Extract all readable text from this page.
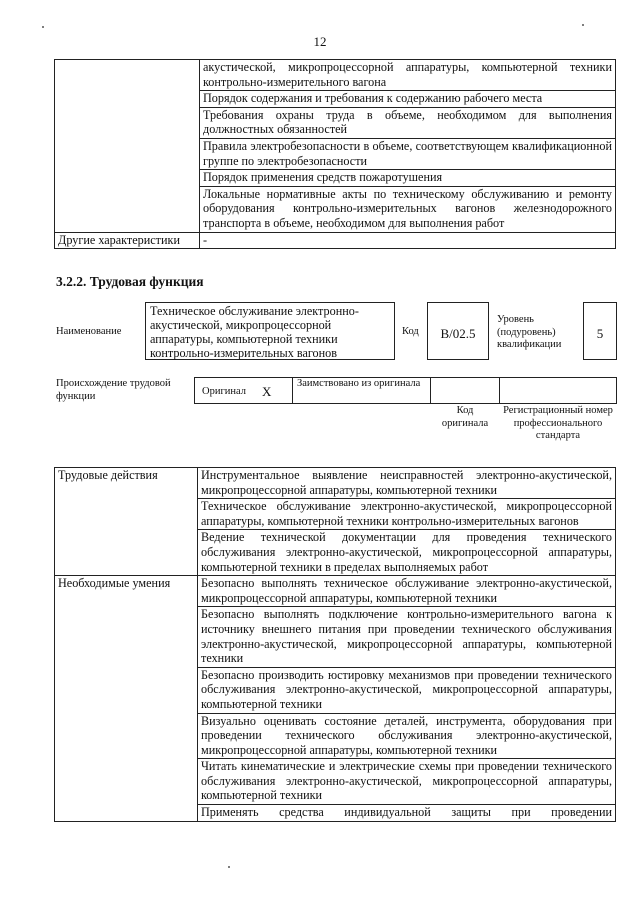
12
	акустической, микропроцессорной аппаратуры, компьютерной техники контрольно-измерительного вагона
	Порядок содержания и требования к содержанию рабочего места
	Требования охраны труда в объеме, необходимом для выполнения должностных обязанностей
	Правила электробезопасности в объеме, соответствующем квалификационной группе по электробезопасности
	Порядок применения средств пожаротушения
	Локальные нормативные акты по техническому обслуживанию и ремонту оборудования контрольно-измерительных вагонов железнодорожного транспорта в объеме, необходимом для выполнения работ
Другие характеристики	-
3.2.2. Трудовая функция
Наименование
Техническое обслуживание электронно-акустической, микропроцессорной аппаратуры, компьютерной техники контрольно-измерительных вагонов
Код	B/02.5
Уровень (подуровень) квалификации
5
Происхождение трудовой функции	Оригинал X
Заимствовано из оригинала
Код оригинала
Регистрационный номер профессионального стандарта
Трудовые действия	Инструментальное выявление неисправностей электронно-акустической, микропроцессорной аппаратуры, компьютерной техники
	Техническое обслуживание электронно-акустической, микропроцессорной аппаратуры, компьютерной техники контрольно-измерительных вагонов
	Ведение технической документации для проведения технического обслуживания электронно-акустической, микропроцессорной аппаратуры, компьютерной техники в пределах выполняемых работ
Необходимые умения	Безопасно выполнять техническое обслуживание электронно-акустической, микропроцессорной аппаратуры, компьютерной техники
	Безопасно выполнять подключение контрольно-измерительного вагона к источнику внешнего питания при проведении технического обслуживания электронно-акустической, микропроцессорной аппаратуры, компьютерной техники
	Безопасно производить юстировку механизмов при проведении технического обслуживания электронно-акустической, микропроцессорной аппаратуры, компьютерной техники
	Визуально оценивать состояние деталей, инструмента, оборудования при проведении технического обслуживания электронно-акустической, микропроцессорной аппаратуры, компьютерной техники
	Читать кинематические и электрические схемы при проведении технического обслуживания электронно-акустической, микропроцессорной аппаратуры, компьютерной техники
	Применять средства индивидуальной защиты при проведении
